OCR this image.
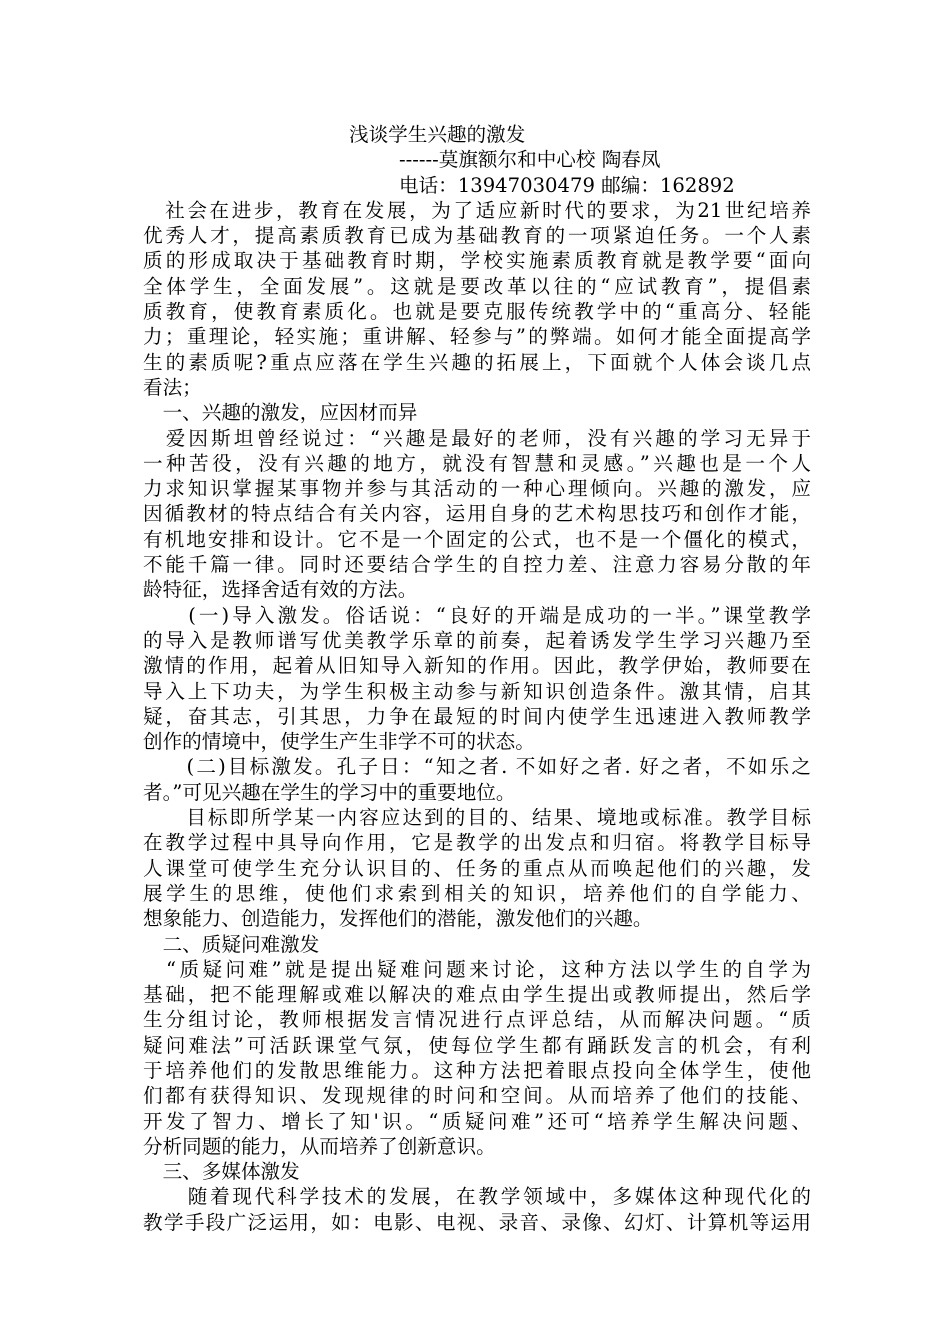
浅谈学生兴趣的激发
------莫旗额尔和中心校 陶春凤
电话：13947030479 邮编：162892
　社会在进步，教育在发展，为了适应新时代的要求，为21世纪培养
优秀人才，提高素质教育已成为基础教育的一项紧迫任务。一个人素
质的形成取决于基础教育时期，学校实施素质教育就是教学要“面向
全体学生，全面发展”。这就是要改革以往的“应试教育”，提倡素
质教育，使教育素质化。也就是要克服传统教学中的“重高分、轻能
力；重理论，轻实施；重讲解、轻参与”的弊端。如何才能全面提高学
生的素质呢?重点应落在学生兴趣的拓展上，下面就个人体会谈几点
看法；
　一、兴趣的激发，应因材而异
　爱因斯坦曾经说过：“兴趣是最好的老师，没有兴趣的学习无异于
一种苦役，没有兴趣的地方，就没有智慧和灵感。”兴趣也是一个人
力求知识掌握某事物并参与其活动的一种心理倾向。兴趣的激发，应
因循教材的特点结合有关内容，运用自身的艺术构思技巧和创作才能，
有机地安排和设计。它不是一个固定的公式，也不是一个僵化的模式，
不能千篇一律。同时还要结合学生的自控力差、注意力容易分散的年
龄特征，选择舍适有效的方法。
　　(一)导入激发。俗话说：“良好的开端是成功的一半。”课堂教学
的导入是教师谱写优美教学乐章的前奏，起着诱发学生学习兴趣乃至
激情的作用，起着从旧知导入新知的作用。因此，教学伊始，教师要在
导入上下功夫，为学生积极主动参与新知识创造条件。激其情，启其
疑，奋其志，引其思，力争在最短的时间内使学生迅速进入教师教学
创作的情境中，使学生产生非学不可的状态。
　　(二)目标激发。孔子日：“知之者. 不如好之者. 好之者，不如乐之
者。”可见兴趣在学生的学习中的重要地位。
　　目标即所学某一内容应达到的目的、结果、境地或标准。教学目标
在教学过程中具导向作用，它是教学的出发点和归宿。将教学目标导
人课堂可使学生充分认识目的、任务的重点从而唤起他们的兴趣，发
展学生的思维，使他们求索到相关的知识，培养他们的自学能力、
想象能力、创造能力，发挥他们的潜能，激发他们的兴趣。
　二、质疑问难激发
　“质疑问难”就是提出疑难问题来讨论，这种方法以学生的自学为
基础，把不能理解或难以解决的难点由学生提出或教师提出，然后学
生分组讨论，教师根据发言情况进行点评总结，从而解决问题。“质
疑问难法”可活跃课堂气氛，使每位学生都有踊跃发言的机会，有利
于培养他们的发散思维能力。这种方法把着眼点投向全体学生，使他
们都有获得知识、发现规律的时问和空间。从而培养了他们的技能、
开发了智力、增长了知'识。“质疑问难”还可“培养学生解决问题、
分析同题的能力，从而培养了创新意识。
　三、多媒体激发
　　随着现代科学技术的发展，在教学领域中，多媒体这种现代化的
教学手段广泛运用，如：电影、电视、录音、录像、幻灯、计算机等运用
